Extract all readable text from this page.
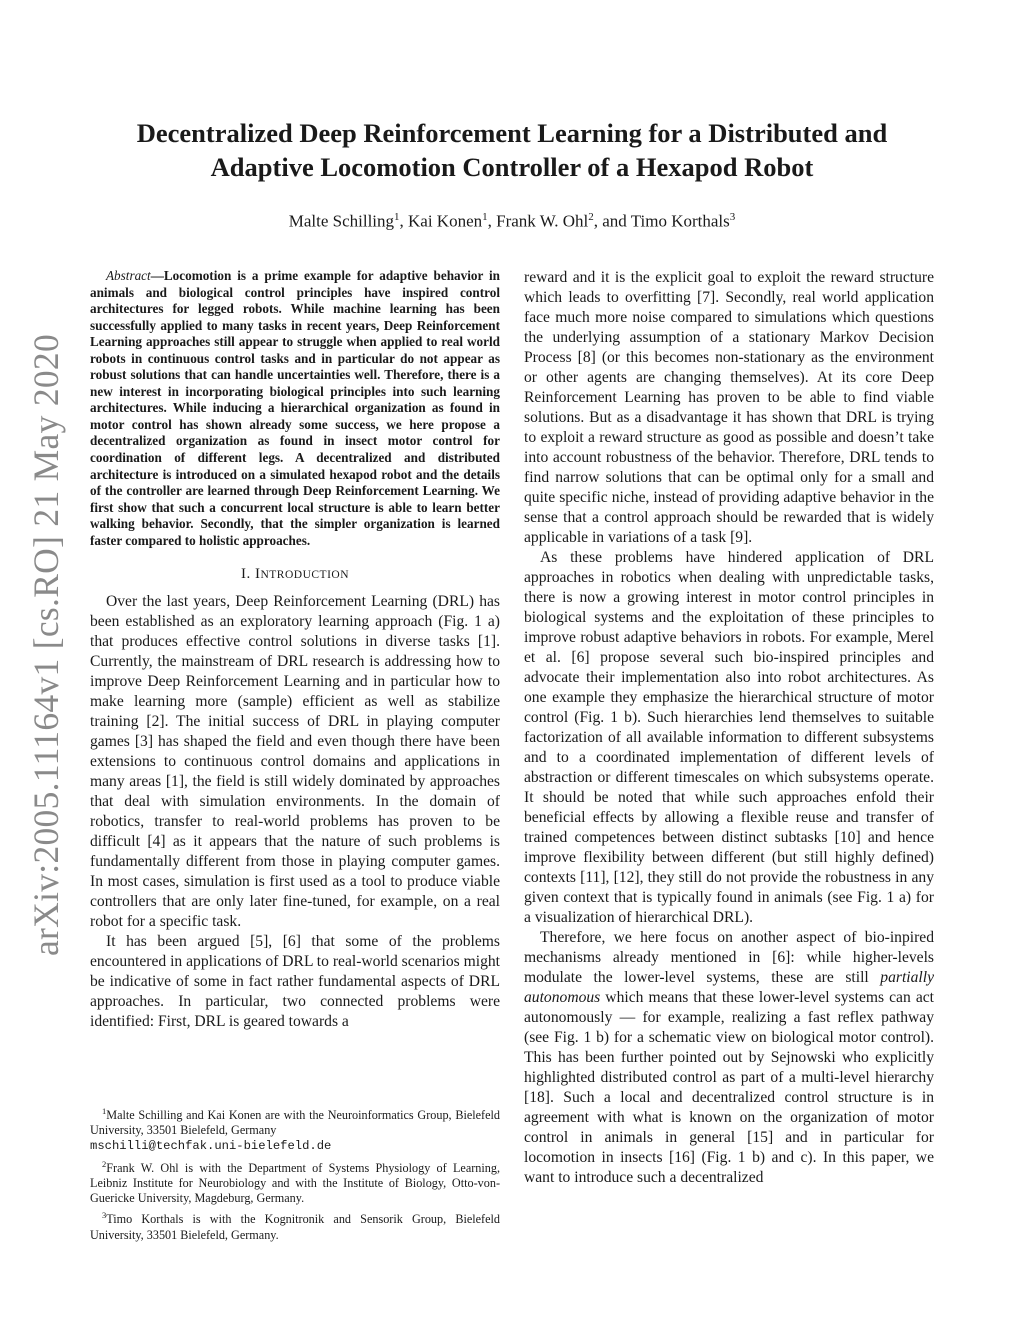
arXiv:2005.11164v1 [cs.RO] 21 May 2020
Decentralized Deep Reinforcement Learning for a Distributed and
Adaptive Locomotion Controller of a Hexapod Robot
Malte Schilling$^1$, Kai Konen$^1$, Frank W. Ohl$^2$, and Timo Korthals$^3$

Abstract—Locomotion is a prime example for adaptive behavior in animals and biological control principles have inspired control architectures for legged robots. While machine learning has been successfully applied to many tasks in recent years, Deep Reinforcement Learning approaches still appear to struggle when applied to real world robots in continuous control tasks and in particular do not appear as robust solutions that can handle uncertainties well. Therefore, there is a new interest in incorporating biological principles into such learning architectures. While inducing a hierarchical organization as found in motor control has shown already some success, we here propose a decentralized organization as found in insect motor control for coordination of different legs. A decentralized and distributed architecture is introduced on a simulated hexapod robot and the details of the controller are learned through Deep Reinforcement Learning. We first show that such a concurrent local structure is able to learn better walking behavior. Secondly, that the simpler organization is learned faster compared to holistic approaches.

I. INTRODUCTION

Over the last years, Deep Reinforcement Learning (DRL) has been established as an exploratory learning approach (Fig. 1 a) that produces effective control solutions in diverse tasks [1]. Currently, the mainstream of DRL research is addressing how to improve Deep Reinforcement Learning and in particular how to make learning more (sample) efficient as well as stabilize training [2]. The initial success of DRL in playing computer games [3] has shaped the field and even though there have been extensions to continuous control domains and applications in many areas [1], the field is still widely dominated by approaches that deal with simulation environments. In the domain of robotics, transfer to real-world problems has proven to be difficult [4] as it appears that the nature of such problems is fundamentally different from those in playing computer games. In most cases, simulation is first used as a tool to produce viable controllers that are only later fine-tuned, for example, on a real robot for a specific task.

It has been argued [5], [6] that some of the problems encountered in applications of DRL to real-world scenarios might be indicative of some in fact rather fundamental aspects of DRL approaches. In particular, two connected problems were identified: First, DRL is geared towards a

reward and it is the explicit goal to exploit the reward structure which leads to overfitting [7]. Secondly, real world application face much more noise compared to simulations which questions the underlying assumption of a stationary Markov Decision Process [8] (or this becomes non-stationary as the environment or other agents are changing themselves). At its core Deep Reinforcement Learning has proven to be able to find viable solutions. But as a disadvantage it has shown that DRL is trying to exploit a reward structure as good as possible and doesn’t take into account robustness of the behavior. Therefore, DRL tends to find narrow solutions that can be optimal only for a small and quite specific niche, instead of providing adaptive behavior in the sense that a control approach should be rewarded that is widely applicable in variations of a task [9].

As these problems have hindered application of DRL approaches in robotics when dealing with unpredictable tasks, there is now a growing interest in motor control principles in biological systems and the exploitation of these principles to improve robust adaptive behaviors in robots. For example, Merel et al. [6] propose several such bio-inspired principles and advocate their implementation also into robot architectures. As one example they emphasize the hierarchical structure of motor control (Fig. 1 b). Such hierarchies lend themselves to suitable factorization of all available information to different subsystems and to a coordinated implementation of different levels of abstraction or different timescales on which subsystems operate. It should be noted that while such approaches enfold their beneficial effects by allowing a flexible reuse and transfer of trained competences between distinct subtasks [10] and hence improve flexibility between different (but still highly defined) contexts [11], [12], they still do not provide the robustness in any given context that is typically found in animals (see Fig. 1 a) for a visualization of hierarchical DRL).

Therefore, we here focus on another aspect of bio-inpired mechanisms already mentioned in [6]: while higher-levels modulate the lower-level systems, these are still partially autonomous which means that these lower-level systems can act autonomously — for example, realizing a fast reflex pathway (see Fig. 1 b) for a schematic view on biological motor control). This has been further pointed out by Sejnowski who explicitly highlighted distributed control as part of a multi-level hierarchy [18]. Such a local and decentralized control structure is in agreement with what is known on the organization of motor control in animals in general [15] and in particular for locomotion in insects [16] (Fig. 1 b) and c). In this paper, we want to introduce such a decentralized

$^1$Malte Schilling and Kai Konen are with the Neuroinformatics Group, Bielefeld University, 33501 Bielefeld, Germany
mschilli@techfak.uni-bielefeld.de

$^2$Frank W. Ohl is with the Department of Systems Physiology of Learning, Leibniz Institute for Neurobiology and with the Institute of Biology, Otto-von-Guericke University, Magdeburg, Germany.

$^3$Timo Korthals is with the Kognitronik and Sensorik Group, Bielefeld University, 33501 Bielefeld, Germany.
